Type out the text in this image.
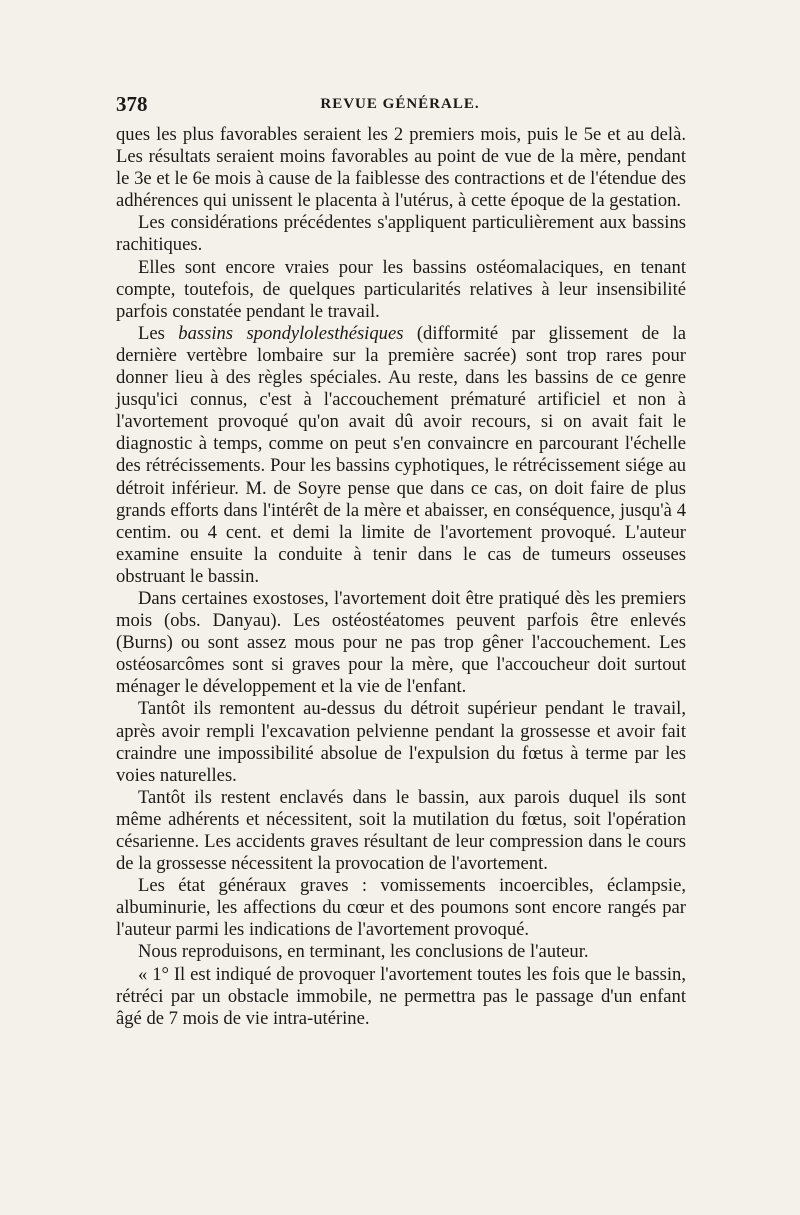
378	REVUE GÉNÉRALE.

ques les plus favorables seraient les 2 premiers mois, puis le 5e et au delà. Les résultats seraient moins favorables au point de vue de la mère, pendant le 3e et le 6e mois à cause de la faiblesse des contractions et de l'étendue des adhérences qui unissent le placenta à l'utérus, à cette époque de la gestation.

Les considérations précédentes s'appliquent particulièrement aux bassins rachitiques.

Elles sont encore vraies pour les bassins ostéomalaciques, en tenant compte, toutefois, de quelques particularités relatives à leur insensibilité parfois constatée pendant le travail.

Les bassins spondylolesthésiques (difformité par glissement de la dernière vertèbre lombaire sur la première sacrée) sont trop rares pour donner lieu à des règles spéciales. Au reste, dans les bassins de ce genre jusqu'ici connus, c'est à l'accouchement prématuré artificiel et non à l'avortement provoqué qu'on avait dû avoir recours, si on avait fait le diagnostic à temps, comme on peut s'en convaincre en parcourant l'échelle des rétrécissements. Pour les bassins cyphotiques, le rétrécissement siége au détroit inférieur. M. de Soyre pense que dans ce cas, on doit faire de plus grands efforts dans l'intérêt de la mère et abaisser, en conséquence, jusqu'à 4 centim. ou 4 cent. et demi la limite de l'avortement provoqué. L'auteur examine ensuite la conduite à tenir dans le cas de tumeurs osseuses obstruant le bassin.

Dans certaines exostoses, l'avortement doit être pratiqué dès les premiers mois (obs. Danyau). Les ostéostéatomes peuvent parfois être enlevés (Burns) ou sont assez mous pour ne pas trop gêner l'accouchement. Les ostéosarcômes sont si graves pour la mère, que l'accoucheur doit surtout ménager le développement et la vie de l'enfant.

Tantôt ils remontent au-dessus du détroit supérieur pendant le travail, après avoir rempli l'excavation pelvienne pendant la grossesse et avoir fait craindre une impossibilité absolue de l'expulsion du fœtus à terme par les voies naturelles.

Tantôt ils restent enclavés dans le bassin, aux parois duquel ils sont même adhérents et nécessitent, soit la mutilation du fœtus, soit l'opération césarienne. Les accidents graves résultant de leur compression dans le cours de la grossesse nécessitent la provocation de l'avortement.

Les état généraux graves : vomissements incoercibles, éclampsie, albuminurie, les affections du cœur et des poumons sont encore rangés par l'auteur parmi les indications de l'avortement provoqué.

Nous reproduisons, en terminant, les conclusions de l'auteur.

« 1° Il est indiqué de provoquer l'avortement toutes les fois que le bassin, rétréci par un obstacle immobile, ne permettra pas le passage d'un enfant âgé de 7 mois de vie intra-utérine.
